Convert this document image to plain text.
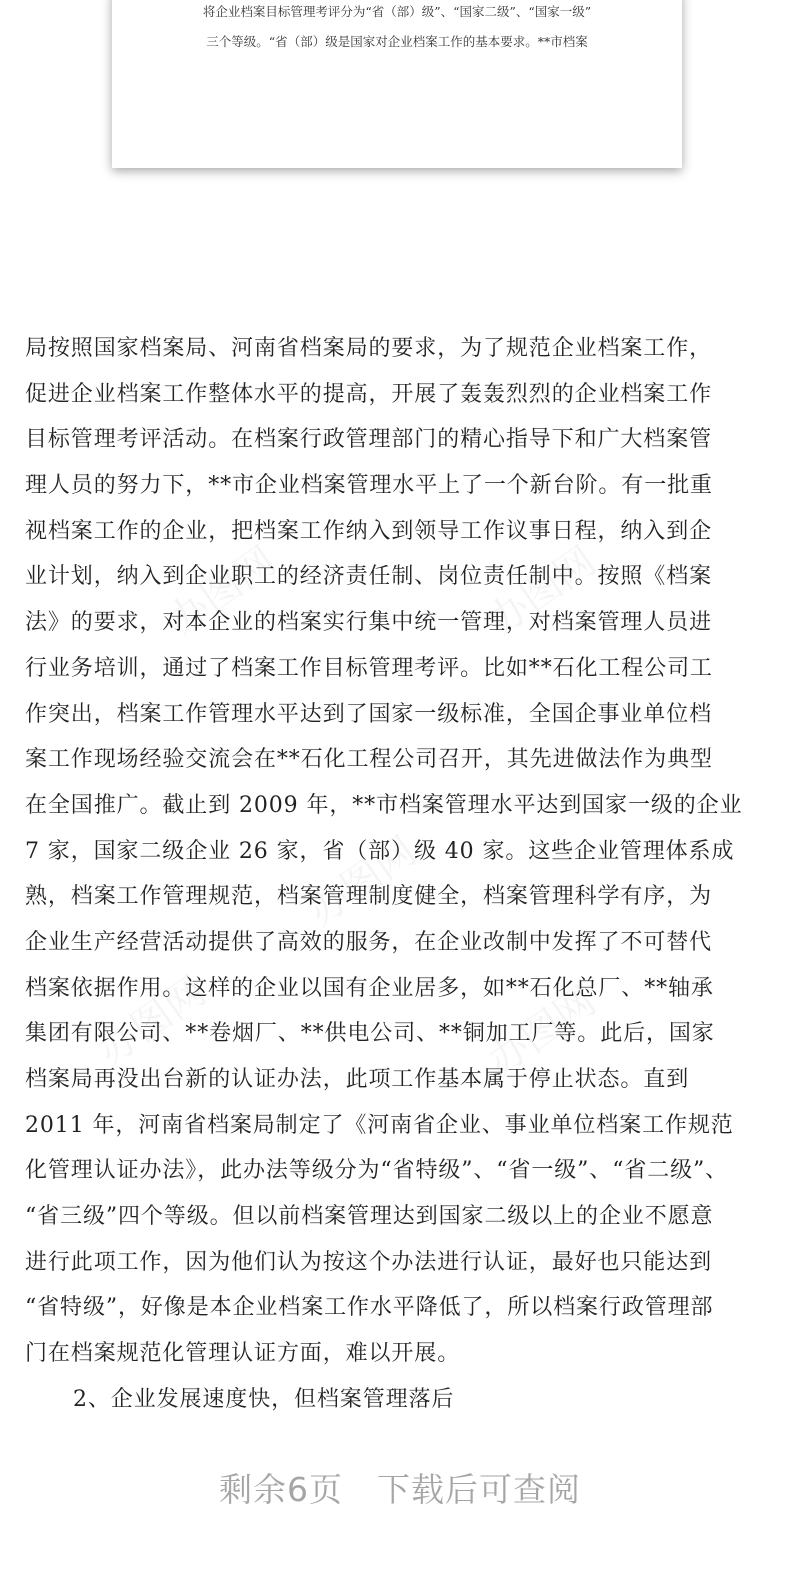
将企业档案目标管理考评分为“省（部）级”、“国家二级”、“国家一级”
三个等级。“省（部）级是国家对企业档案工作的基本要求。**市档案
局按照国家档案局、河南省档案局的要求，为了规范企业档案工作，
促进企业档案工作整体水平的提高，开展了轰轰烈烈的企业档案工作
目标管理考评活动。在档案行政管理部门的精心指导下和广大档案管
理人员的努力下，**市企业档案管理水平上了一个新台阶。有一批重
视档案工作的企业，把档案工作纳入到领导工作议事日程，纳入到企
业计划，纳入到企业职工的经济责任制、岗位责任制中。按照《档案
法》的要求，对本企业的档案实行集中统一管理，对档案管理人员进
行业务培训，通过了档案工作目标管理考评。比如**石化工程公司工
作突出，档案工作管理水平达到了国家一级标准，全国企事业单位档
案工作现场经验交流会在**石化工程公司召开，其先进做法作为典型
在全国推广。截止到 2009 年，**市档案管理水平达到国家一级的企业
7 家，国家二级企业 26 家，省（部）级 40 家。这些企业管理体系成
熟，档案工作管理规范，档案管理制度健全，档案管理科学有序，为
企业生产经营活动提供了高效的服务，在企业改制中发挥了不可替代
档案依据作用。这样的企业以国有企业居多，如**石化总厂、**轴承
集团有限公司、**卷烟厂、**供电公司、**铜加工厂等。此后，国家
档案局再没出台新的认证办法，此项工作基本属于停止状态。直到
2011 年，河南省档案局制定了《河南省企业、事业单位档案工作规范
化管理认证办法》，此办法等级分为“省特级”、“省一级”、“省二级”、
“省三级”四个等级。但以前档案管理达到国家二级以上的企业不愿意
进行此项工作，因为他们认为按这个办法进行认证，最好也只能达到
“省特级”，好像是本企业档案工作水平降低了，所以档案行政管理部
门在档案规范化管理认证方面，难以开展。
2、企业发展速度快，但档案管理落后
剩余6页　下载后可查阅
